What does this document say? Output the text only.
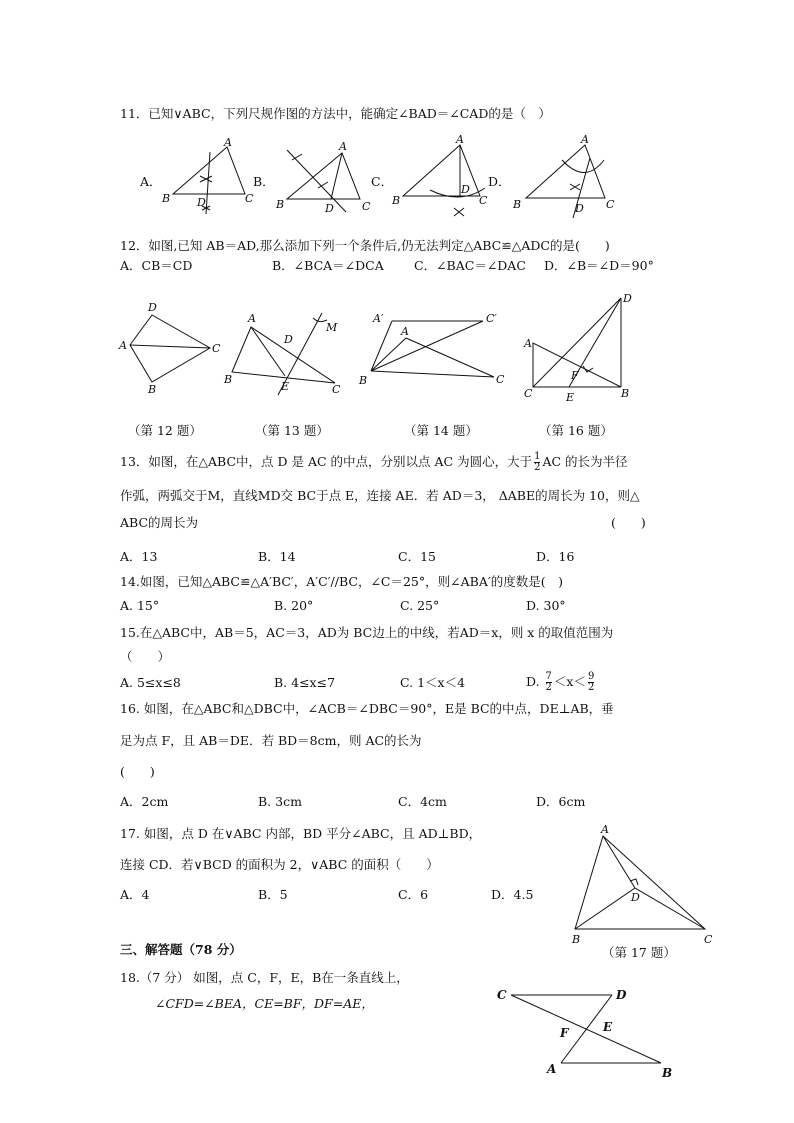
11．已知∨ABC，下列尺规作图的方法中，能确定∠BAD＝∠CAD的是（　）
A．	B．	C．	D．
A
B D	C
A
B	D	C
A
B
D
C
A
B	D C
12．如图,已知 AB＝AD,那么添加下列一个条件后,仍无法判定△ABC≌△ADC的是(　　)
A．CB＝CD	B．∠BCA＝∠DCA C．∠BAC＝∠DAC D．∠B＝∠D＝90°
D
A	C
B
A
B
D
E
M
C
A′	C′
A
B	C
A
D
F
C	E	B
（第 12 题）	（第 13 题）	（第 14 题）	（第 16 题）
13．如图，在△ABC中，点 D 是 AC 的中点，分别以点 AC 为圆心，大于 $\frac{1}{2}$ AC 的长为半径
作弧，两弧交于M，直线MD交 BC于点 E，连接 AE．若 AD＝3， ΔABE的周长为 10，则△
ABC的周长为	(　　)
A．13	B．14	C．15	D．16
14.如图，已知△ABC≌△A′BC′，A′C′//BC，∠C＝25°，则∠ABA′的度数是(　)
A. 15°	B. 20°	C. 25°	D. 30°
15.在△ABC中，AB＝5，AC＝3，AD为 BC边上的中线，若AD＝x，则 x 的取值范围为
（　　）
A. 5≤x≤8	B. 4≤x≤7	C. 1＜x＜4	D. $\frac{7}{2} <x< \frac{9}{2}$
16. 如图，在△ABC和△DBC中，∠ACB＝∠DBC＝90°，E是 BC的中点，DE⊥AB，垂
足为点 F，且 AB＝DE．若 BD＝8cm，则 AC的长为
(　　)
A．2cm	B. 3cm	C．4cm	D．6cm
17. 如图，点 D 在∨ABC 内部，BD 平分∠ABC，且 AD⊥BD，
连接 CD．若∨BCD 的面积为 2，∨ABC 的面积（　　）
A．4	B．5	C．6	D．4.5
A
D
B	C
（第 17 题）
三、解答题（78 分）
18.（7 分） 如图，点 C，F，E，B在一条直线上，
∠CFD=∠BEA，CE=BF，DF=AE，
C	D
F	E
A	B
